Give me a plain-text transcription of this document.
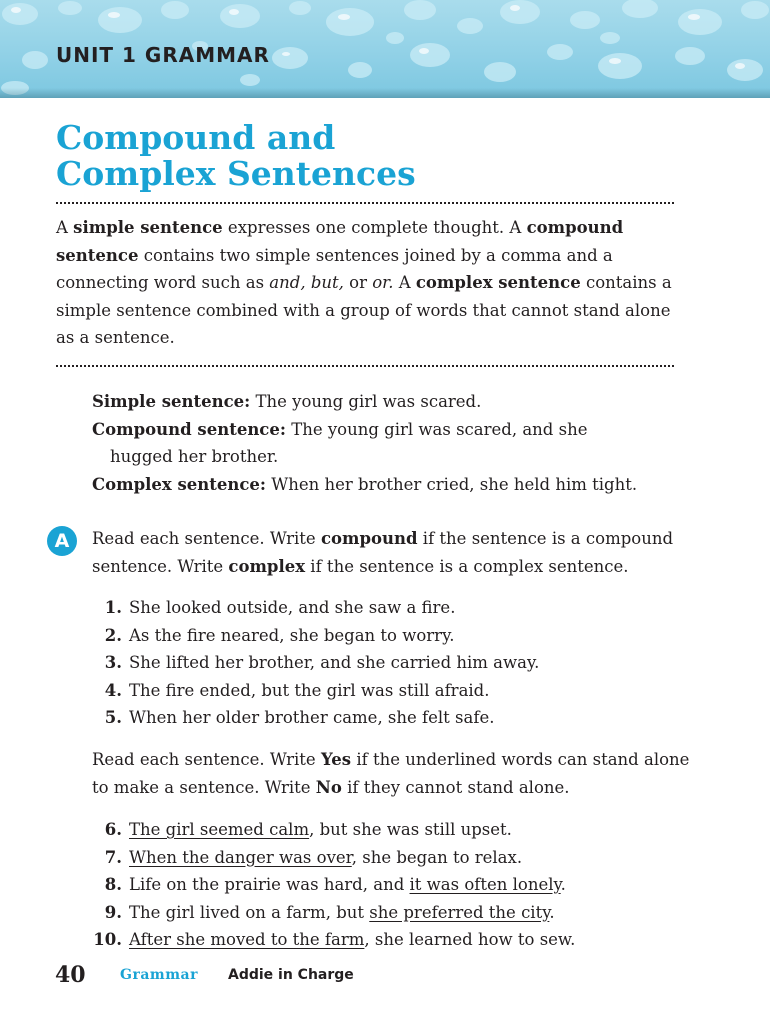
UNIT 1 GRAMMAR
Compound and
Complex Sentences

A simple sentence expresses one complete thought. A compound sentence contains two simple sentences joined by a comma and a connecting word such as and, but, or or. A complex sentence contains a simple sentence combined with a group of words that cannot stand alone as a sentence.

Simple sentence: The young girl was scared.

Compound sentence: The young girl was scared, and she
hugged her brother.

Complex sentence: When her brother cried, she held him tight.

A	Read each sentence. Write compound if the sentence is a compound sentence. Write complex if the sentence is a complex sentence.

1. She looked outside, and she saw a fire.
2. As the fire neared, she began to worry.
3. She lifted her brother, and she carried him away.
4. The fire ended, but the girl was still afraid.
5. When her older brother came, she felt safe.

Read each sentence. Write Yes if the underlined words can stand alone to make a sentence. Write No if they cannot stand alone.

6. The girl seemed calm, but she was still upset.
7. When the danger was over, she began to relax.
8. Life on the prairie was hard, and it was often lonely.
9. The girl lived on a farm, but she preferred the city.
10. After she moved to the farm, she learned how to sew.
40 Grammar Addie in Charge
